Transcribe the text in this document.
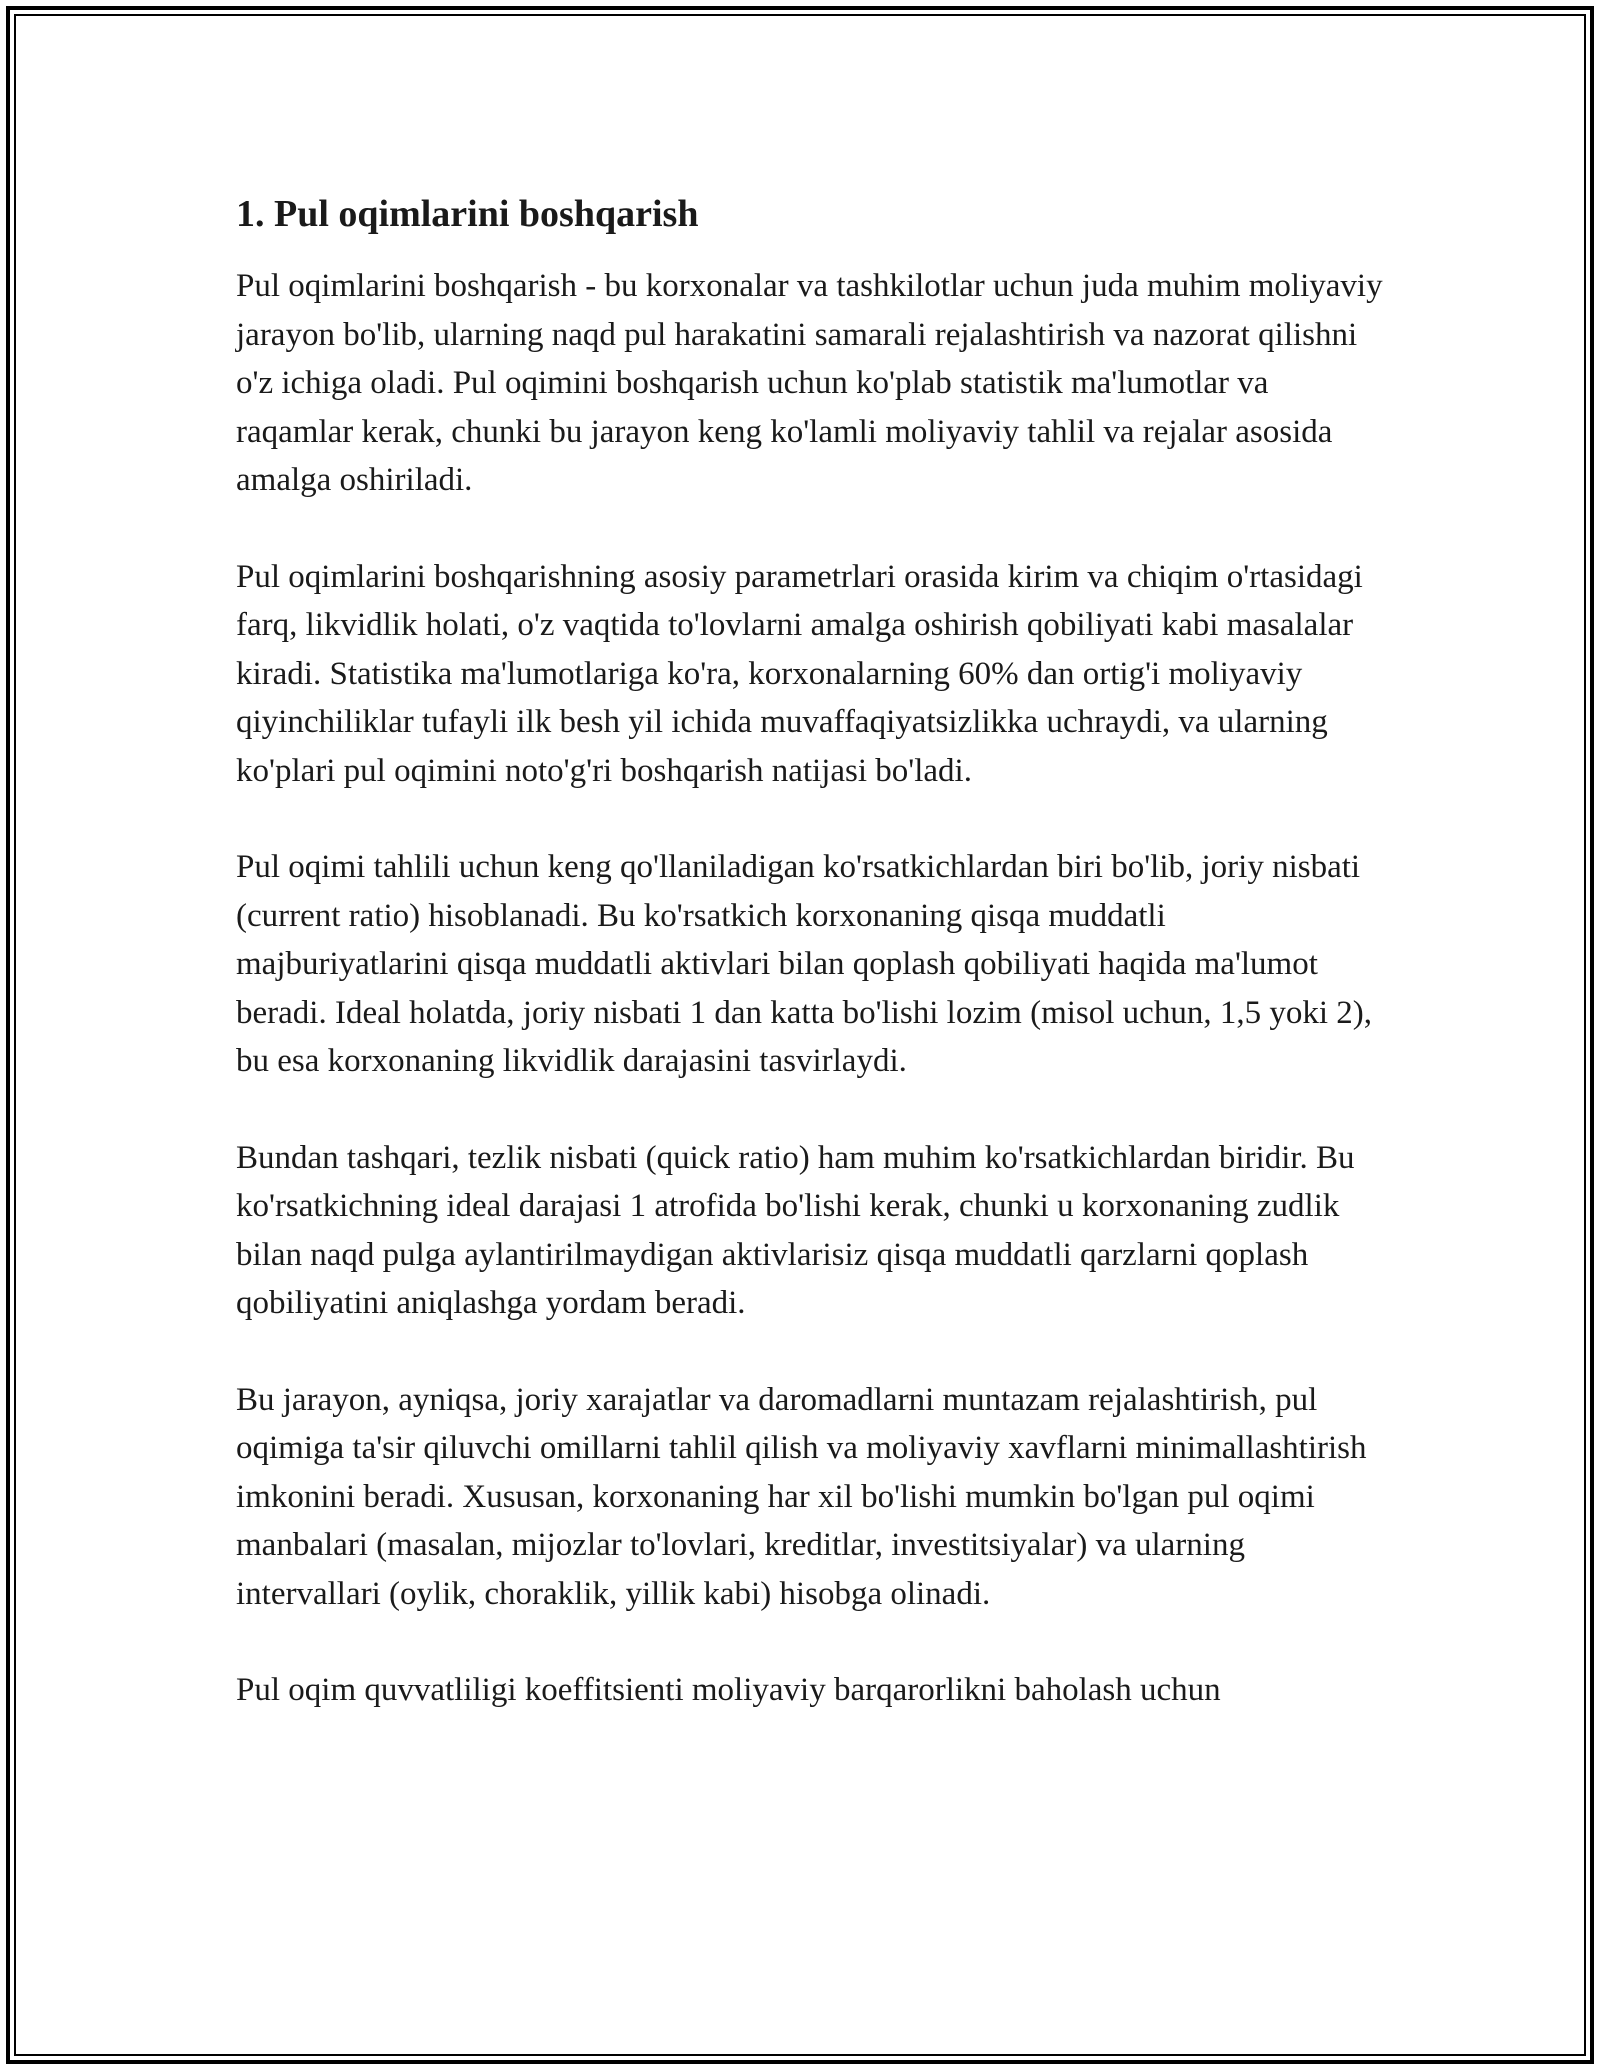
1. Pul oqimlarini boshqarish

Pul oqimlarini boshqarish - bu korxonalar va tashkilotlar uchun juda muhim moliyaviy jarayon bo'lib, ularning naqd pul harakatini samarali rejalashtirish va nazorat qilishni o'z ichiga oladi. Pul oqimini boshqarish uchun ko'plab statistik ma'lumotlar va raqamlar kerak, chunki bu jarayon keng ko'lamli moliyaviy tahlil va rejalar asosida amalga oshiriladi.

Pul oqimlarini boshqarishning asosiy parametrlari orasida kirim va chiqim o'rtasidagi farq, likvidlik holati, o'z vaqtida to'lovlarni amalga oshirish qobiliyati kabi masalalar kiradi. Statistika ma'lumotlariga ko'ra, korxonalarning 60% dan ortig'i moliyaviy qiyinchiliklar tufayli ilk besh yil ichida muvaffaqiyatsizlikka uchraydi, va ularning ko'plari pul oqimini noto'g'ri boshqarish natijasi bo'ladi.

Pul oqimi tahlili uchun keng qo'llaniladigan ko'rsatkichlardan biri bo'lib, joriy nisbati (current ratio) hisoblanadi. Bu ko'rsatkich korxonaning qisqa muddatli majburiyatlarini qisqa muddatli aktivlari bilan qoplash qobiliyati haqida ma'lumot beradi. Ideal holatda, joriy nisbati 1 dan katta bo'lishi lozim (misol uchun, 1,5 yoki 2), bu esa korxonaning likvidlik darajasini tasvirlaydi.

Bundan tashqari, tezlik nisbati (quick ratio) ham muhim ko'rsatkichlardan biridir. Bu ko'rsatkichning ideal darajasi 1 atrofida bo'lishi kerak, chunki u korxonaning zudlik bilan naqd pulga aylantirilmaydigan aktivlarisiz qisqa muddatli qarzlarni qoplash qobiliyatini aniqlashga yordam beradi.

Bu jarayon, ayniqsa, joriy xarajatlar va daromadlarni muntazam rejalashtirish, pul oqimiga ta'sir qiluvchi omillarni tahlil qilish va moliyaviy xavflarni minimallashtirish imkonini beradi. Xususan, korxonaning har xil bo'lishi mumkin bo'lgan pul oqimi manbalari (masalan, mijozlar to'lovlari, kreditlar, investitsiyalar) va ularning intervallari (oylik, choraklik, yillik kabi) hisobga olinadi.

Pul oqim quvvatliligi koeffitsienti moliyaviy barqarorlikni baholash uchun
